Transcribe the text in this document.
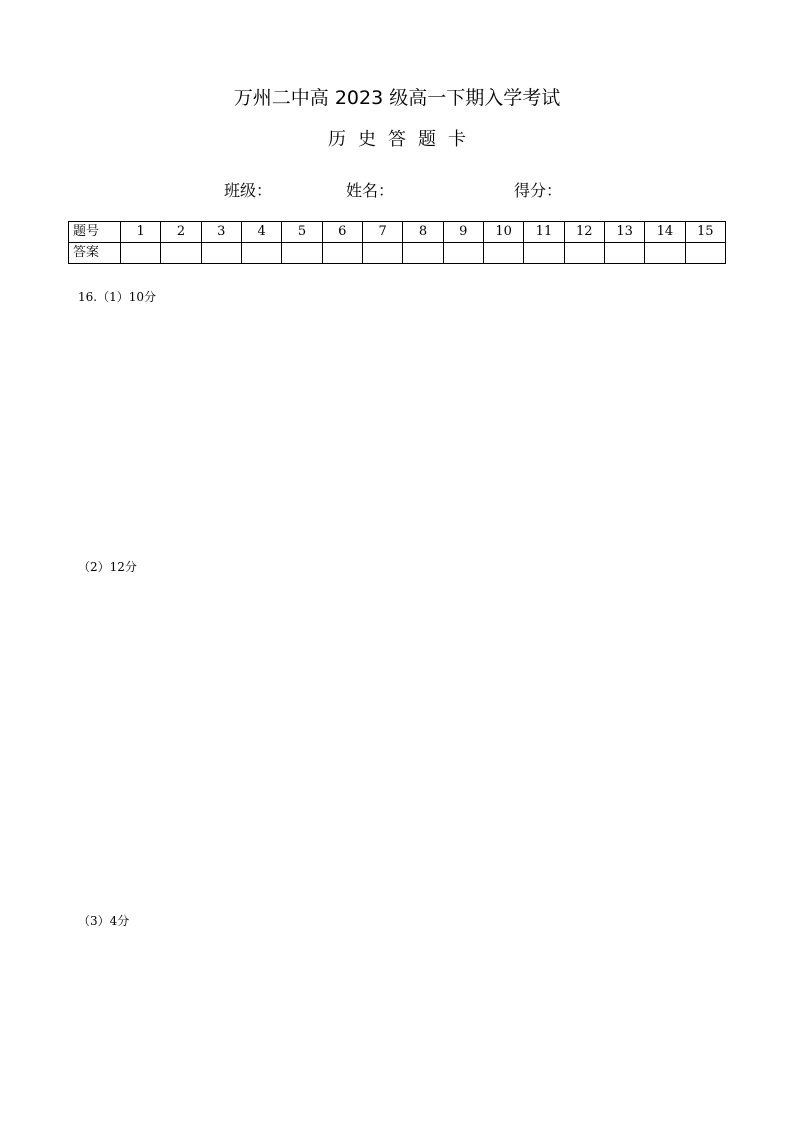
万州二中高 2023 级高一下期入学考试
历史答题卡
班级：	姓名：	得分：
题号	1	2	3	4	5	6	7	8	9	10	11	12	13	14	15
答案															
16.（1）10分
（2）12分
（3）4分
